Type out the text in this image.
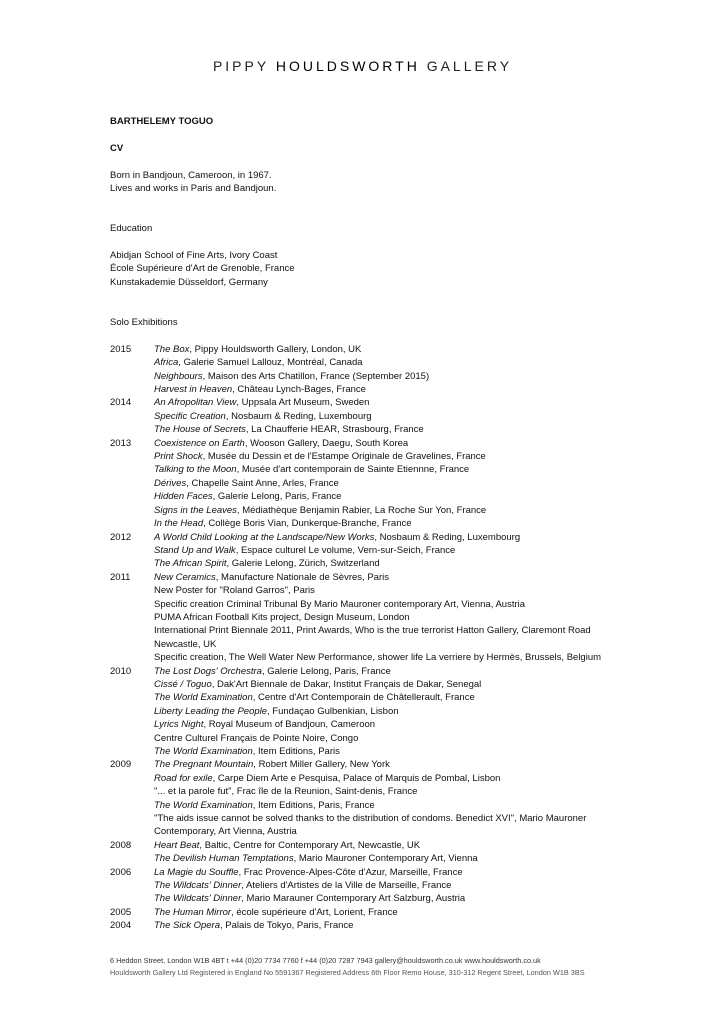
PIPPY HOULDSWORTH GALLERY

BARTHELEMY TOGUO

CV

Born in Bandjoun, Cameroon, in 1967.

Lives and works in Paris and Bandjoun.

Education

Abidjan School of Fine Arts, Ivory Coast

École Supérieure d'Art de Grenoble, France

Kunstakademie Düsseldorf, Germany

Solo Exhibitions

2015	The Box, Pippy Houldsworth Gallery, London, UK
	Africa, Galerie Samuel Lallouz, Montréal, Canada
	Neighbours, Maison des Arts Chatillon, France (September 2015)
	Harvest in Heaven, Château Lynch-Bages, France
2014	An Afropolitan View, Uppsala Art Museum, Sweden
	Specific Creation, Nosbaum & Reding, Luxembourg
	The House of Secrets, La Chaufferie HEAR, Strasbourg, France
2013	Coexistence on Earth, Wooson Gallery, Daegu, South Korea
	Print Shock, Musée du Dessin et de l'Estampe Originale de Gravelines, France
	Talking to the Moon, Musée d'art contemporain de Sainte Etiennne, France
	Dérives, Chapelle Saint Anne, Arles, France
	Hidden Faces, Galerie Lelong, Paris, France
	Signs in the Leaves, Médiathèque Benjamin Rabier, La Roche Sur Yon, France
	In the Head, Collège Boris Vian, Dunkerque-Branche, France
2012	A World Child Looking at the Landscape/New Works, Nosbaum & Reding, Luxembourg
	Stand Up and Walk, Espace culturel Le volume, Vern-sur-Seich, France
	The African Spirit, Galerie Lelong, Zürich, Switzerland
2011	New Ceramics, Manufacture Nationale de Sèvres, Paris
	New Poster for "Roland Garros", Paris
	Specific creation Criminal Tribunal By Mario Mauroner contemporary Art, Vienna, Austria
	PUMA African Football Kits project, Design Museum, London
	International Print Biennale 2011, Print Awards, Who is the true terrorist Hatton Gallery, Claremont Road Newcastle, UK
	Specific creation, The Well Water New Performance, shower life La verriere by Hermès, Brussels, Belgium
2010	The Lost Dogs' Orchestra, Galerie Lelong, Paris, France
	Cissé / Toguo, Dak'Art Biennale de Dakar, Institut Français de Dakar, Senegal
	The World Examination, Centre d'Art Contemporain de Châtellerault, France
	Liberty Leading the People, Fundaçao Gulbenkian, Lisbon
	Lyrics Night, Royal Museum of Bandjoun, Cameroon
	Centre Culturel Français de Pointe Noire, Congo
	The World Examination, Item Editions, Paris
2009	The Pregnant Mountain, Robert Miller Gallery, New York
	Road for exile, Carpe Diem Arte e Pesquisa, Palace of Marquis de Pombal, Lisbon
	"... et la parole fut", Frac île de la Reunion, Saint-denis, France
	The World Examination, Item Editions, Paris, France
	"The aids issue cannot be solved thanks to the distribution of condoms. Benedict XVI", Mario Mauroner Contemporary, Art Vienna, Austria
2008	Heart Beat, Baltic, Centre for Contemporary Art, Newcastle, UK
	The Devilish Human Temptations, Mario Mauroner Contemporary Art, Vienna
2006	La Magie du Souffle, Frac Provence-Alpes-Côte d'Azur, Marseille, France
	The Wildcats' Dinner, Ateliers d'Artistes de la Ville de Marseille, France
	The Wildcats' Dinner, Mario Marauner Contemporary Art Salzburg, Austria
2005	The Human Mirror, école supérieure d'Art, Lorient, France
2004	The Sick Opera, Palais de Tokyo, Paris, France
6 Heddon Street, London W1B 4BT t +44 (0)20 7734 7760 f +44 (0)20 7287 7943 gallery@houldsworth.co.uk www.houldsworth.co.uk
Houldsworth Gallery Ltd Registered in England No 5591367 Registered Address 6th Floor Remo House, 310-312 Regent Street, London W1B 3BS
